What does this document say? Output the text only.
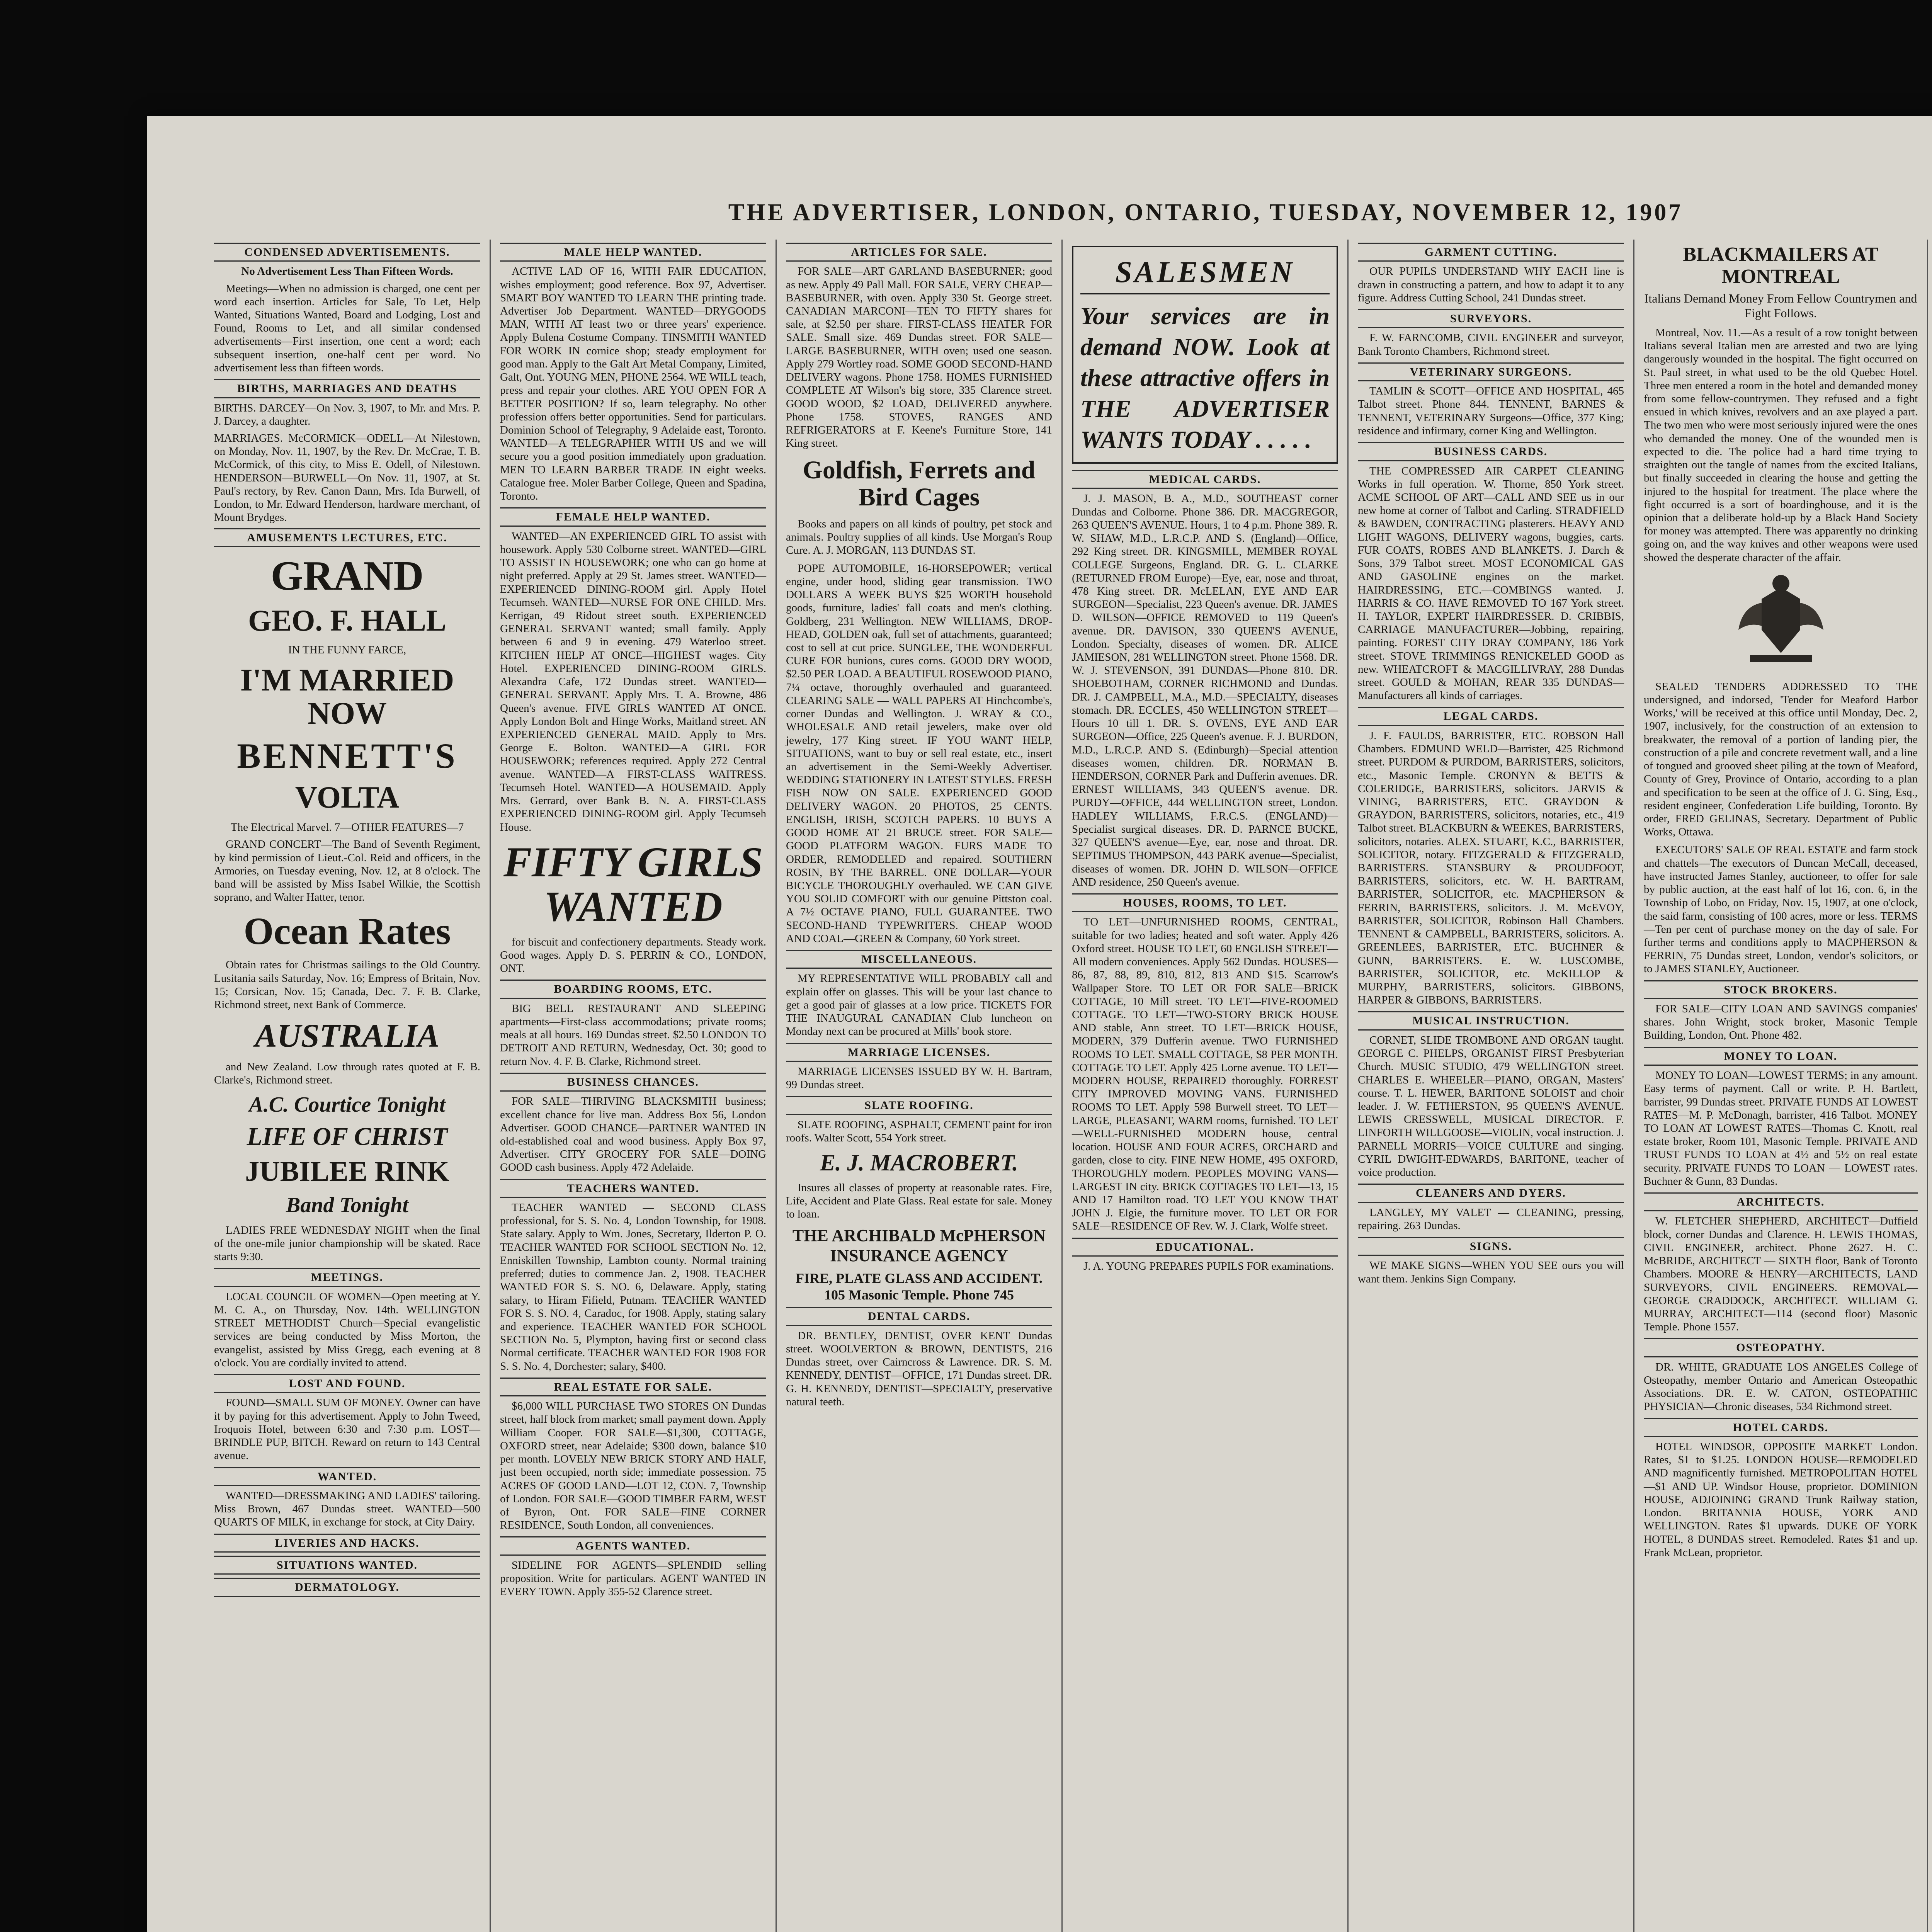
THE ADVERTISER, LONDON, ONTARIO, TUESDAY, NOVEMBER 12, 1907
CONDENSED ADVERTISEMENTS.
No Advertisement Less Than Fifteen Words.
Meetings—When no admission is charged, one cent per word each insertion. Articles for Sale, To Let, Help Wanted, Situations Wanted, Board and Lodging, Lost and Found, Rooms to Let, and all similar condensed advertisements—First insertion, one cent a word; each subsequent insertion, one-half cent per word. No advertisement less than fifteen words.
BIRTHS, MARRIAGES AND DEATHS
BIRTHS. DARCEY—On Nov. 3, 1907, to Mr. and Mrs. P. J. Darcey, a daughter.
MARRIAGES. McCORMICK—ODELL—At Nilestown, on Monday, Nov. 11, 1907, by the Rev. Dr. McCrae, T. B. McCormick, of this city, to Miss E. Odell, of Nilestown. HENDERSON—BURWELL—On Nov. 11, 1907, at St. Paul's rectory, by Rev. Canon Dann, Mrs. Ida Burwell, of London, to Mr. Edward Henderson, hardware merchant, of Mount Brydges.
AMUSEMENTS LECTURES, ETC.
GRAND
GEO. F. HALL
IN THE FUNNY FARCE,
I'M MARRIED NOW
BENNETT'S
VOLTA
The Electrical Marvel. 7—OTHER FEATURES—7
GRAND CONCERT—The Band of Seventh Regiment, by kind permission of Lieut.-Col. Reid and officers, in the Armories, on Tuesday evening, Nov. 12, at 8 o'clock. The band will be assisted by Miss Isabel Wilkie, the Scottish soprano, and Walter Hatter, tenor.
Ocean Rates
Obtain rates for Christmas sailings to the Old Country. Lusitania sails Saturday, Nov. 16; Empress of Britain, Nov. 15; Corsican, Nov. 15; Canada, Dec. 7. F. B. Clarke, Richmond street, next Bank of Commerce.
AUSTRALIA
and New Zealand. Low through rates quoted at F. B. Clarke's, Richmond street.
A.C. Courtice Tonight
LIFE OF CHRIST
JUBILEE RINK
Band Tonight
LADIES FREE WEDNESDAY NIGHT when the final of the one-mile junior championship will be skated. Race starts 9:30.
MEETINGS.
LOCAL COUNCIL OF WOMEN—Open meeting at Y. M. C. A., on Thursday, Nov. 14th. WELLINGTON STREET METHODIST Church—Special evangelistic services are being conducted by Miss Morton, the evangelist, assisted by Miss Gregg, each evening at 8 o'clock. You are cordially invited to attend.
LOST AND FOUND.
FOUND—SMALL SUM OF MONEY. Owner can have it by paying for this advertisement. Apply to John Tweed, Iroquois Hotel, between 6:30 and 7:30 p.m. LOST—BRINDLE PUP, BITCH. Reward on return to 143 Central avenue.
WANTED.
WANTED—DRESSMAKING AND LADIES' tailoring. Miss Brown, 467 Dundas street. WANTED—500 QUARTS OF MILK, in exchange for stock, at City Dairy.
LIVERIES AND HACKS.
SITUATIONS WANTED.
DERMATOLOGY.
MALE HELP WANTED.
ACTIVE LAD OF 16, WITH FAIR EDUCATION, wishes employment; good reference. Box 97, Advertiser. SMART BOY WANTED TO LEARN THE printing trade. Advertiser Job Department. WANTED—DRYGOODS MAN, WITH AT least two or three years' experience. Apply Bulena Costume Company. TINSMITH WANTED FOR WORK IN cornice shop; steady employment for good man. Apply to the Galt Art Metal Company, Limited, Galt, Ont. YOUNG MEN, PHONE 2564. WE WILL teach, press and repair your clothes. ARE YOU OPEN FOR A BETTER POSITION? If so, learn telegraphy. No other profession offers better opportunities. Send for particulars. Dominion School of Telegraphy, 9 Adelaide east, Toronto. WANTED—A TELEGRAPHER WITH US and we will secure you a good position immediately upon graduation. MEN TO LEARN BARBER TRADE IN eight weeks. Catalogue free. Moler Barber College, Queen and Spadina, Toronto.
FEMALE HELP WANTED.
WANTED—AN EXPERIENCED GIRL TO assist with housework. Apply 530 Colborne street. WANTED—GIRL TO ASSIST IN HOUSEWORK; one who can go home at night preferred. Apply at 29 St. James street. WANTED—EXPERIENCED DINING-ROOM girl. Apply Hotel Tecumseh. WANTED—NURSE FOR ONE CHILD. Mrs. Kerrigan, 49 Ridout street south. EXPERIENCED GENERAL SERVANT wanted; small family. Apply between 6 and 9 in evening. 479 Waterloo street. KITCHEN HELP AT ONCE—HIGHEST wages. City Hotel. EXPERIENCED DINING-ROOM GIRLS. Alexandra Cafe, 172 Dundas street. WANTED—GENERAL SERVANT. Apply Mrs. T. A. Browne, 486 Queen's avenue. FIVE GIRLS WANTED AT ONCE. Apply London Bolt and Hinge Works, Maitland street. AN EXPERIENCED GENERAL MAID. Apply to Mrs. George E. Bolton. WANTED—A GIRL FOR HOUSEWORK; references required. Apply 272 Central avenue. WANTED—A FIRST-CLASS WAITRESS. Tecumseh Hotel. WANTED—A HOUSEMAID. Apply Mrs. Gerrard, over Bank B. N. A. FIRST-CLASS EXPERIENCED DINING-ROOM girl. Apply Tecumseh House.
FIFTY GIRLS WANTED
for biscuit and confectionery departments. Steady work. Good wages. Apply D. S. PERRIN & CO., LONDON, ONT.
BOARDING ROOMS, ETC.
BIG BELL RESTAURANT AND SLEEPING apartments—First-class accommodations; private rooms; meals at all hours. 169 Dundas street. $2.50 LONDON TO DETROIT AND RETURN, Wednesday, Oct. 30; good to return Nov. 4. F. B. Clarke, Richmond street.
BUSINESS CHANCES.
FOR SALE—THRIVING BLACKSMITH business; excellent chance for live man. Address Box 56, London Advertiser. GOOD CHANCE—PARTNER WANTED IN old-established coal and wood business. Apply Box 97, Advertiser. CITY GROCERY FOR SALE—DOING GOOD cash business. Apply 472 Adelaide.
TEACHERS WANTED.
TEACHER WANTED — SECOND CLASS professional, for S. S. No. 4, London Township, for 1908. State salary. Apply to Wm. Jones, Secretary, Ilderton P. O. TEACHER WANTED FOR SCHOOL SECTION No. 12, Enniskillen Township, Lambton county. Normal training preferred; duties to commence Jan. 2, 1908. TEACHER WANTED FOR S. S. NO. 6, Delaware. Apply, stating salary, to Hiram Fifield, Putnam. TEACHER WANTED FOR S. S. NO. 4, Caradoc, for 1908. Apply, stating salary and experience. TEACHER WANTED FOR SCHOOL SECTION No. 5, Plympton, having first or second class Normal certificate. TEACHER WANTED FOR 1908 FOR S. S. No. 4, Dorchester; salary, $400.
REAL ESTATE FOR SALE.
$6,000 WILL PURCHASE TWO STORES ON Dundas street, half block from market; small payment down. Apply William Cooper. FOR SALE—$1,300, COTTAGE, OXFORD street, near Adelaide; $300 down, balance $10 per month. LOVELY NEW BRICK STORY AND HALF, just been occupied, north side; immediate possession. 75 ACRES OF GOOD LAND—LOT 12, CON. 7, Township of London. FOR SALE—GOOD TIMBER FARM, WEST of Byron, Ont. FOR SALE—FINE CORNER RESIDENCE, South London, all conveniences.
AGENTS WANTED.
SIDELINE FOR AGENTS—SPLENDID selling proposition. Write for particulars. AGENT WANTED IN EVERY TOWN. Apply 355-52 Clarence street.
ARTICLES FOR SALE.
FOR SALE—ART GARLAND BASEBURNER; good as new. Apply 49 Pall Mall. FOR SALE, VERY CHEAP—BASEBURNER, with oven. Apply 330 St. George street. CANADIAN MARCONI—TEN TO FIFTY shares for sale, at $2.50 per share. FIRST-CLASS HEATER FOR SALE. Small size. 469 Dundas street. FOR SALE—LARGE BASEBURNER, WITH oven; used one season. Apply 279 Wortley road. SOME GOOD SECOND-HAND DELIVERY wagons. Phone 1758. HOMES FURNISHED COMPLETE AT Wilson's big store, 335 Clarence street. GOOD WOOD, $2 LOAD, DELIVERED anywhere. Phone 1758. STOVES, RANGES AND REFRIGERATORS at F. Keene's Furniture Store, 141 King street.
Goldfish, Ferrets and Bird Cages
Books and papers on all kinds of poultry, pet stock and animals. Poultry supplies of all kinds. Use Morgan's Roup Cure. A. J. MORGAN, 113 DUNDAS ST.
POPE AUTOMOBILE, 16-HORSEPOWER; vertical engine, under hood, sliding gear transmission. TWO DOLLARS A WEEK BUYS $25 WORTH household goods, furniture, ladies' fall coats and men's clothing. Goldberg, 231 Wellington. NEW WILLIAMS, DROP-HEAD, GOLDEN oak, full set of attachments, guaranteed; cost to sell at cut price. SUNGLEE, THE WONDERFUL CURE FOR bunions, cures corns. GOOD DRY WOOD, $2.50 PER LOAD. A BEAUTIFUL ROSEWOOD PIANO, 7¼ octave, thoroughly overhauled and guaranteed. CLEARING SALE — WALL PAPERS AT Hinchcombe's, corner Dundas and Wellington. J. WRAY & CO., WHOLESALE AND retail jewelers, make over old jewelry, 177 King street. IF YOU WANT HELP, SITUATIONS, want to buy or sell real estate, etc., insert an advertisement in the Semi-Weekly Advertiser. WEDDING STATIONERY IN LATEST STYLES. FRESH FISH NOW ON SALE. EXPERIENCED GOOD DELIVERY WAGON. 20 PHOTOS, 25 CENTS. ENGLISH, IRISH, SCOTCH PAPERS. 10 BUYS A GOOD HOME AT 21 BRUCE street. FOR SALE—GOOD PLATFORM WAGON. FURS MADE TO ORDER, REMODELED and repaired. SOUTHERN ROSIN, BY THE BARREL. ONE DOLLAR—YOUR BICYCLE THOROUGHLY overhauled. WE CAN GIVE YOU SOLID COMFORT with our genuine Pittston coal. A 7½ OCTAVE PIANO, FULL GUARANTEE. TWO SECOND-HAND TYPEWRITERS. CHEAP WOOD AND COAL—GREEN & Company, 60 York street.
MISCELLANEOUS.
MY REPRESENTATIVE WILL PROBABLY call and explain offer on glasses. This will be your last chance to get a good pair of glasses at a low price. TICKETS FOR THE INAUGURAL CANADIAN Club luncheon on Monday next can be procured at Mills' book store.
MARRIAGE LICENSES.
MARRIAGE LICENSES ISSUED BY W. H. Bartram, 99 Dundas street.
SLATE ROOFING.
SLATE ROOFING, ASPHALT, CEMENT paint for iron roofs. Walter Scott, 554 York street.
E. J. MACROBERT.
Insures all classes of property at reasonable rates. Fire, Life, Accident and Plate Glass. Real estate for sale. Money to loan.
THE ARCHIBALD McPHERSON INSURANCE AGENCY
FIRE, PLATE GLASS AND ACCIDENT. 105 Masonic Temple. Phone 745
DENTAL CARDS.
DR. BENTLEY, DENTIST, OVER KENT Dundas street. WOOLVERTON & BROWN, DENTISTS, 216 Dundas street, over Cairncross & Lawrence. DR. S. M. KENNEDY, DENTIST—OFFICE, 171 Dundas street. DR. G. H. KENNEDY, DENTIST—SPECIALTY, preservative natural teeth.
SALESMEN
Your services are in demand NOW. Look at these attractive offers in THE ADVERTISER WANTS TODAY . . . . .
MEDICAL CARDS.
J. J. MASON, B. A., M.D., SOUTHEAST corner Dundas and Colborne. Phone 386. DR. MACGREGOR, 263 QUEEN'S AVENUE. Hours, 1 to 4 p.m. Phone 389. R. W. SHAW, M.D., L.R.C.P. AND S. (England)—Office, 292 King street. DR. KINGSMILL, MEMBER ROYAL COLLEGE Surgeons, England. DR. G. L. CLARKE (RETURNED FROM Europe)—Eye, ear, nose and throat, 478 King street. DR. McLELAN, EYE AND EAR SURGEON—Specialist, 223 Queen's avenue. DR. JAMES D. WILSON—OFFICE REMOVED to 119 Queen's avenue. DR. DAVISON, 330 QUEEN'S AVENUE, London. Specialty, diseases of women. DR. ALICE JAMIESON, 281 WELLINGTON street. Phone 1568. DR. W. J. STEVENSON, 391 DUNDAS—Phone 810. DR. SHOEBOTHAM, CORNER RICHMOND and Dundas. DR. J. CAMPBELL, M.A., M.D.—SPECIALTY, diseases stomach. DR. ECCLES, 450 WELLINGTON STREET—Hours 10 till 1. DR. S. OVENS, EYE AND EAR SURGEON—Office, 225 Queen's avenue. F. J. BURDON, M.D., L.R.C.P. AND S. (Edinburgh)—Special attention diseases women, children. DR. NORMAN B. HENDERSON, CORNER Park and Dufferin avenues. DR. ERNEST WILLIAMS, 343 QUEEN'S avenue. DR. PURDY—OFFICE, 444 WELLINGTON street, London. HADLEY WILLIAMS, F.R.C.S. (ENGLAND)—Specialist surgical diseases. DR. D. PARNCE BUCKE, 327 QUEEN'S avenue—Eye, ear, nose and throat. DR. SEPTIMUS THOMPSON, 443 PARK avenue—Specialist, diseases of women. DR. JOHN D. WILSON—OFFICE AND residence, 250 Queen's avenue.
HOUSES, ROOMS, TO LET.
TO LET—UNFURNISHED ROOMS, CENTRAL, suitable for two ladies; heated and soft water. Apply 426 Oxford street. HOUSE TO LET, 60 ENGLISH STREET—All modern conveniences. Apply 562 Dundas. HOUSES—86, 87, 88, 89, 810, 812, 813 AND $15. Scarrow's Wallpaper Store. TO LET OR FOR SALE—BRICK COTTAGE, 10 Mill street. TO LET—FIVE-ROOMED COTTAGE. TO LET—TWO-STORY BRICK HOUSE AND stable, Ann street. TO LET—BRICK HOUSE, MODERN, 379 Dufferin avenue. TWO FURNISHED ROOMS TO LET. SMALL COTTAGE, $8 PER MONTH. COTTAGE TO LET. Apply 425 Lorne avenue. TO LET—MODERN HOUSE, REPAIRED thoroughly. FORREST CITY IMPROVED MOVING VANS. FURNISHED ROOMS TO LET. Apply 598 Burwell street. TO LET—LARGE, PLEASANT, WARM rooms, furnished. TO LET—WELL-FURNISHED MODERN house, central location. HOUSE AND FOUR ACRES, ORCHARD and garden, close to city. FINE NEW HOME, 495 OXFORD, THOROUGHLY modern. PEOPLES MOVING VANS—LARGEST IN city. BRICK COTTAGES TO LET—13, 15 AND 17 Hamilton road. TO LET YOU KNOW THAT JOHN J. Elgie, the furniture mover. TO LET OR FOR SALE—RESIDENCE OF Rev. W. J. Clark, Wolfe street.
EDUCATIONAL.
J. A. YOUNG PREPARES PUPILS FOR examinations.
GARMENT CUTTING.
OUR PUPILS UNDERSTAND WHY EACH line is drawn in constructing a pattern, and how to adapt it to any figure. Address Cutting School, 241 Dundas street.
SURVEYORS.
F. W. FARNCOMB, CIVIL ENGINEER and surveyor, Bank Toronto Chambers, Richmond street.
VETERINARY SURGEONS.
TAMLIN & SCOTT—OFFICE AND HOSPITAL, 465 Talbot street. Phone 844. TENNENT, BARNES & TENNENT, VETERINARY Surgeons—Office, 377 King; residence and infirmary, corner King and Wellington.
BUSINESS CARDS.
THE COMPRESSED AIR CARPET CLEANING Works in full operation. W. Thorne, 850 York street. ACME SCHOOL OF ART—CALL AND SEE us in our new home at corner of Talbot and Carling. STRADFIELD & BAWDEN, CONTRACTING plasterers. HEAVY AND LIGHT WAGONS, DELIVERY wagons, buggies, carts. FUR COATS, ROBES AND BLANKETS. J. Darch & Sons, 379 Talbot street. MOST ECONOMICAL GAS AND GASOLINE engines on the market. HAIRDRESSING, ETC.—COMBINGS wanted. J. HARRIS & CO. HAVE REMOVED TO 167 York street. H. TAYLOR, EXPERT HAIRDRESSER. D. CRIBBIS, CARRIAGE MANUFACTURER—Jobbing, repairing, painting. FOREST CITY DRAY COMPANY, 186 York street. STOVE TRIMMINGS RENICKELED GOOD as new. WHEATCROFT & MACGILLIVRAY, 288 Dundas street. GOULD & MOHAN, REAR 335 DUNDAS—Manufacturers all kinds of carriages.
LEGAL CARDS.
J. F. FAULDS, BARRISTER, ETC. ROBSON Hall Chambers. EDMUND WELD—Barrister, 425 Richmond street. PURDOM & PURDOM, BARRISTERS, solicitors, etc., Masonic Temple. CRONYN & BETTS & COLERIDGE, BARRISTERS, solicitors. JARVIS & VINING, BARRISTERS, ETC. GRAYDON & GRAYDON, BARRISTERS, solicitors, notaries, etc., 419 Talbot street. BLACKBURN & WEEKES, BARRISTERS, solicitors, notaries. ALEX. STUART, K.C., BARRISTER, SOLICITOR, notary. FITZGERALD & FITZGERALD, BARRISTERS. STANSBURY & PROUDFOOT, BARRISTERS, solicitors, etc. W. H. BARTRAM, BARRISTER, SOLICITOR, etc. MACPHERSON & FERRIN, BARRISTERS, solicitors. J. M. McEVOY, BARRISTER, SOLICITOR, Robinson Hall Chambers. TENNENT & CAMPBELL, BARRISTERS, solicitors. A. GREENLEES, BARRISTER, ETC. BUCHNER & GUNN, BARRISTERS. E. W. LUSCOMBE, BARRISTER, SOLICITOR, etc. McKILLOP & MURPHY, BARRISTERS, solicitors. GIBBONS, HARPER & GIBBONS, BARRISTERS.
MUSICAL INSTRUCTION.
CORNET, SLIDE TROMBONE AND ORGAN taught. GEORGE C. PHELPS, ORGANIST FIRST Presbyterian Church. MUSIC STUDIO, 479 WELLINGTON street. CHARLES E. WHEELER—PIANO, ORGAN, Masters' course. T. L. HEWER, BARITONE SOLOIST and choir leader. J. W. FETHERSTON, 95 QUEEN'S AVENUE. LEWIS CRESSWELL, MUSICAL DIRECTOR. F. LINFORTH WILLGOOSE—VIOLIN, vocal instruction. J. PARNELL MORRIS—VOICE CULTURE and singing. CYRIL DWIGHT-EDWARDS, BARITONE, teacher of voice production.
CLEANERS AND DYERS.
LANGLEY, MY VALET — CLEANING, pressing, repairing. 263 Dundas.
SIGNS.
WE MAKE SIGNS—WHEN YOU SEE ours you will want them. Jenkins Sign Company.
BLACKMAILERS AT MONTREAL
Italians Demand Money From Fellow Countrymen and Fight Follows.
Montreal, Nov. 11.—As a result of a row tonight between Italians several Italian men are arrested and two are lying dangerously wounded in the hospital. The fight occurred on St. Paul street, in what used to be the old Quebec Hotel. Three men entered a room in the hotel and demanded money from some fellow-countrymen. They refused and a fight ensued in which knives, revolvers and an axe played a part. The two men who were most seriously injured were the ones who demanded the money. One of the wounded men is expected to die. The police had a hard time trying to straighten out the tangle of names from the excited Italians, but finally succeeded in clearing the house and getting the injured to the hospital for treatment. The place where the fight occurred is a sort of boardinghouse, and it is the opinion that a deliberate hold-up by a Black Hand Society for money was attempted. There was apparently no drinking going on, and the way knives and other weapons were used showed the desperate character of the affair.
SEALED TENDERS ADDRESSED TO THE undersigned, and indorsed, 'Tender for Meaford Harbor Works,' will be received at this office until Monday, Dec. 2, 1907, inclusively, for the construction of an extension to breakwater, the removal of a portion of landing pier, the construction of a pile and concrete revetment wall, and a line of tongued and grooved sheet piling at the town of Meaford, County of Grey, Province of Ontario, according to a plan and specification to be seen at the office of J. G. Sing, Esq., resident engineer, Confederation Life building, Toronto. By order, FRED GELINAS, Secretary. Department of Public Works, Ottawa.
EXECUTORS' SALE OF REAL ESTATE and farm stock and chattels—The executors of Duncan McCall, deceased, have instructed James Stanley, auctioneer, to offer for sale by public auction, at the east half of lot 16, con. 6, in the Township of Lobo, on Friday, Nov. 15, 1907, at one o'clock, the said farm, consisting of 100 acres, more or less. TERMS—Ten per cent of purchase money on the day of sale. For further terms and conditions apply to MACPHERSON & FERRIN, 75 Dundas street, London, vendor's solicitors, or to JAMES STANLEY, Auctioneer.
STOCK BROKERS.
FOR SALE—CITY LOAN AND SAVINGS companies' shares. John Wright, stock broker, Masonic Temple Building, London, Ont. Phone 482.
MONEY TO LOAN.
MONEY TO LOAN—LOWEST TERMS; in any amount. Easy terms of payment. Call or write. P. H. Bartlett, barrister, 99 Dundas street. PRIVATE FUNDS AT LOWEST RATES—M. P. McDonagh, barrister, 416 Talbot. MONEY TO LOAN AT LOWEST RATES—Thomas C. Knott, real estate broker, Room 101, Masonic Temple. PRIVATE AND TRUST FUNDS TO LOAN at 4½ and 5½ on real estate security. PRIVATE FUNDS TO LOAN — LOWEST rates. Buchner & Gunn, 83 Dundas.
ARCHITECTS.
W. FLETCHER SHEPHERD, ARCHITECT—Duffield block, corner Dundas and Clarence. H. LEWIS THOMAS, CIVIL ENGINEER, architect. Phone 2627. H. C. McBRIDE, ARCHITECT — SIXTH floor, Bank of Toronto Chambers. MOORE & HENRY—ARCHITECTS, LAND SURVEYORS, CIVIL ENGINEERS. REMOVAL—GEORGE CRADDOCK, ARCHITECT. WILLIAM G. MURRAY, ARCHITECT—114 (second floor) Masonic Temple. Phone 1557.
OSTEOPATHY.
DR. WHITE, GRADUATE LOS ANGELES College of Osteopathy, member Ontario and American Osteopathic Associations. DR. E. W. CATON, OSTEOPATHIC PHYSICIAN—Chronic diseases, 534 Richmond street.
HOTEL CARDS.
HOTEL WINDSOR, OPPOSITE MARKET London. Rates, $1 to $1.25. LONDON HOUSE—REMODELED AND magnificently furnished. METROPOLITAN HOTEL—$1 AND UP. Windsor House, proprietor. DOMINION HOUSE, ADJOINING GRAND Trunk Railway station, London. BRITANNIA HOUSE, YORK AND WELLINGTON. Rates $1 upwards. DUKE OF YORK HOTEL, 8 DUNDAS street. Remodeled. Rates $1 and up. Frank McLean, proprietor.
